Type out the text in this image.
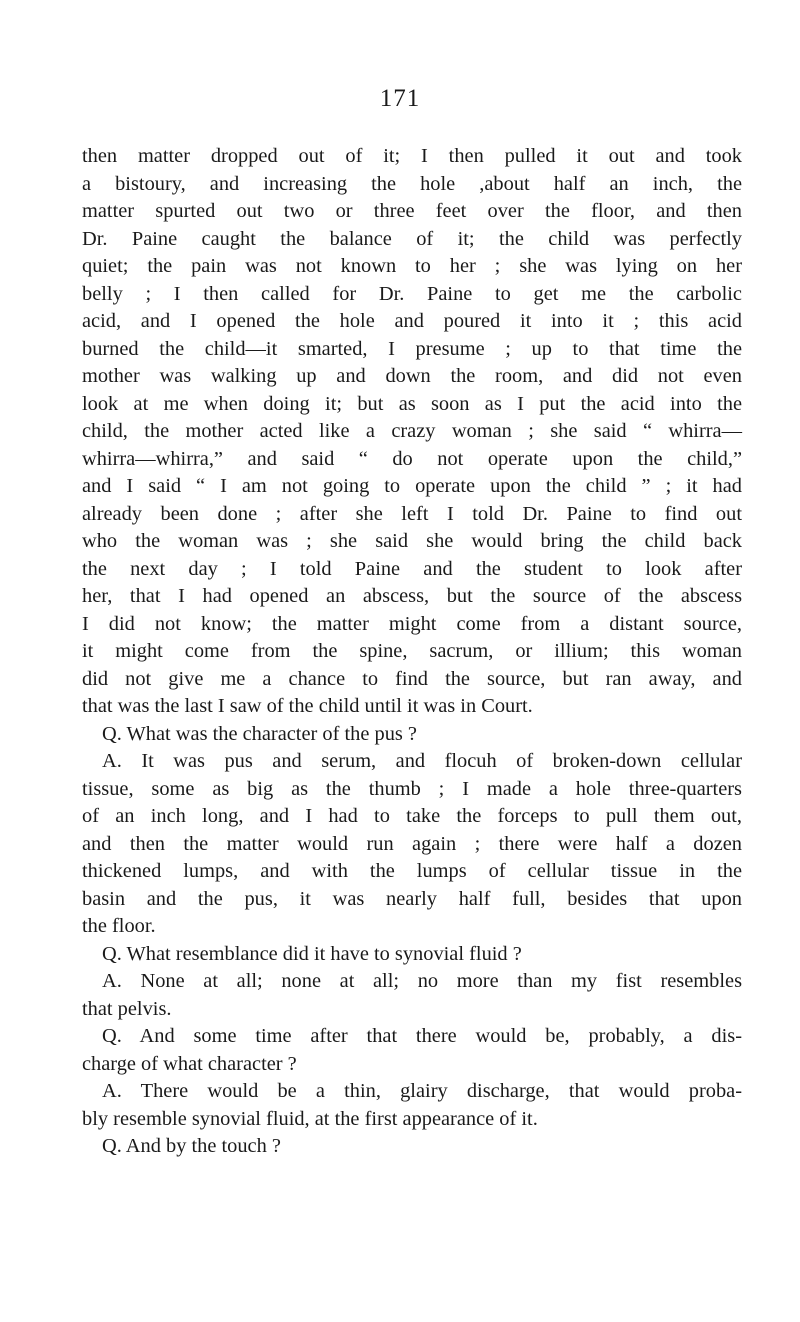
171
then matter dropped out of it; I then pulled it out and took
a bistoury, and increasing the hole ,about half an inch, the
matter spurted out two or three feet over the floor, and then
Dr. Paine caught the balance of it; the child was perfectly
quiet; the pain was not known to her ; she was lying on her
belly ; I then called for Dr. Paine to get me the carbolic
acid, and I opened the hole and poured it into it ; this acid
burned the child—it smarted, I presume ; up to that time the
mother was walking up and down the room, and did not even
look at me when doing it; but as soon as I put the acid into the
child, the mother acted like a crazy woman ; she said “ whirra—
whirra—whirra,” and said “ do not operate upon the child,”
and I said “ I am not going to operate upon the child ” ; it had
already been done ; after she left I told Dr. Paine to find out
who the woman was ; she said she would bring the child back
the next day ; I told Paine and the student to look after
her, that I had opened an abscess, but the source of the abscess
I did not know; the matter might come from a distant source,
it might come from the spine, sacrum, or illium; this woman
did not give me a chance to find the source, but ran away, and
that was the last I saw of the child until it was in Court.
Q. What was the character of the pus ?
A. It was pus and serum, and flocuh of broken-down cellular
tissue, some as big as the thumb ; I made a hole three-quarters
of an inch long, and I had to take the forceps to pull them out,
and then the matter would run again ; there were half a dozen
thickened lumps, and with the lumps of cellular tissue in the
basin and the pus, it was nearly half full, besides that upon
the floor.
Q. What resemblance did it have to synovial fluid ?
A. None at all; none at all; no more than my fist resembles
that pelvis.
Q. And some time after that there would be, probably, a dis-
charge of what character ?
A. There would be a thin, glairy discharge, that would proba-
bly resemble synovial fluid, at the first appearance of it.
Q. And by the touch ?
